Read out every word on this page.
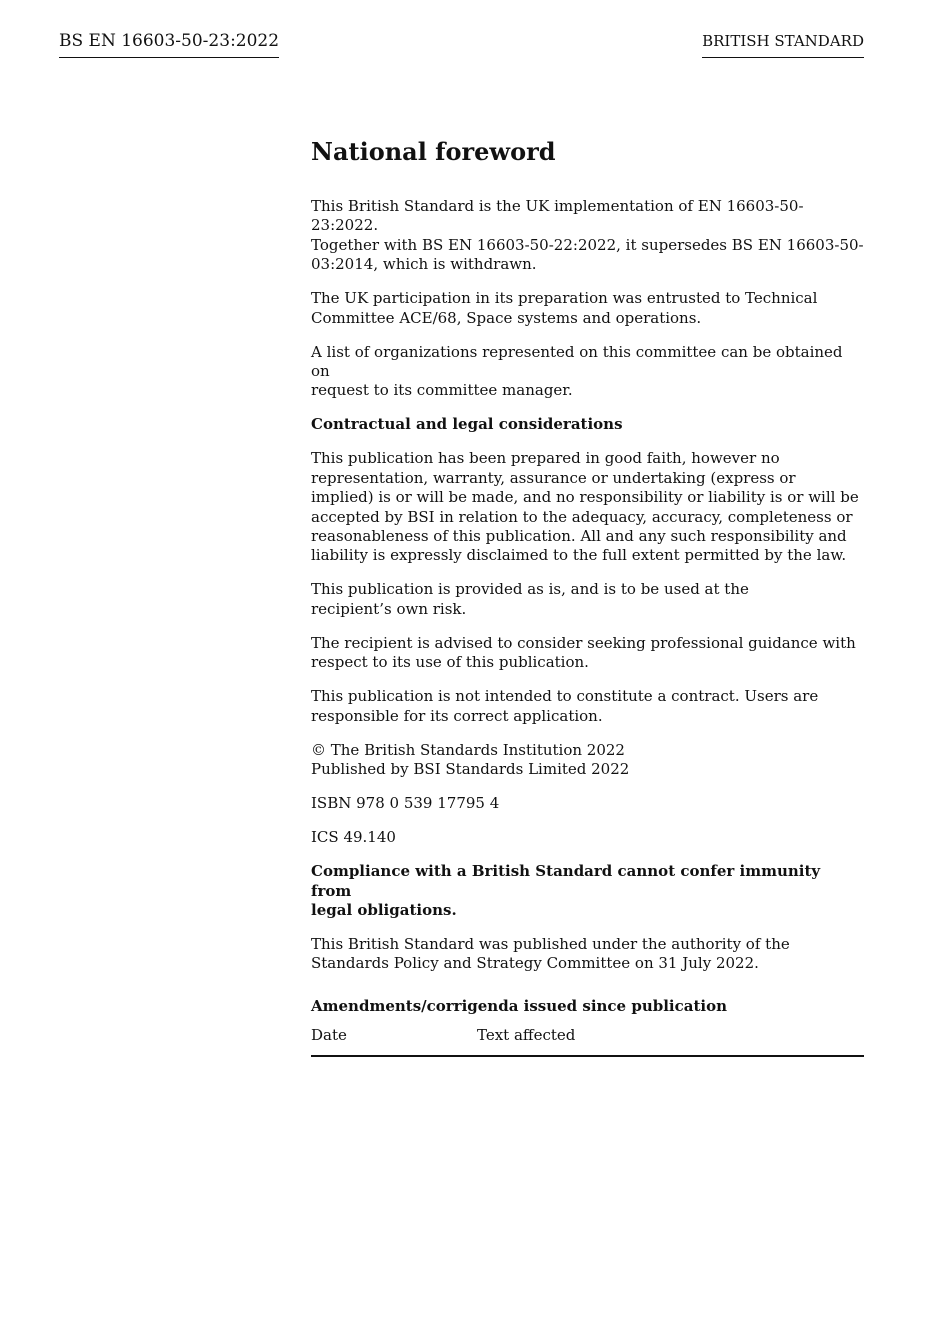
BS EN 16603-50-23:2022	BRITISH STANDARD
National foreword

This British Standard is the UK implementation of EN 16603-50-23:2022.
Together with BS EN 16603-50-22:2022, it supersedes BS EN 16603-50-
03:2014, which is withdrawn.

The UK participation in its preparation was entrusted to Technical
Committee ACE/68, Space systems and operations.

A list of organizations represented on this committee can be obtained on
request to its committee manager.

Contractual and legal considerations

This publication has been prepared in good faith, however no
representation, warranty, assurance or undertaking (express or
implied) is or will be made, and no responsibility or liability is or will be
accepted by BSI in relation to the adequacy, accuracy, completeness or
reasonableness of this publication. All and any such responsibility and
liability is expressly disclaimed to the full extent permitted by the law.

This publication is provided as is, and is to be used at the
recipient’s own risk.

The recipient is advised to consider seeking professional guidance with
respect to its use of this publication.

This publication is not intended to constitute a contract. Users are
responsible for its correct application.

© The British Standards Institution 2022
Published by BSI Standards Limited 2022

ISBN 978 0 539 17795 4

ICS 49.140

Compliance with a British Standard cannot confer immunity from
legal obligations.

This British Standard was published under the authority of the
Standards Policy and Strategy Committee on 31 July 2022.

Amendments/corrigenda issued since publication
Date	Text affected
